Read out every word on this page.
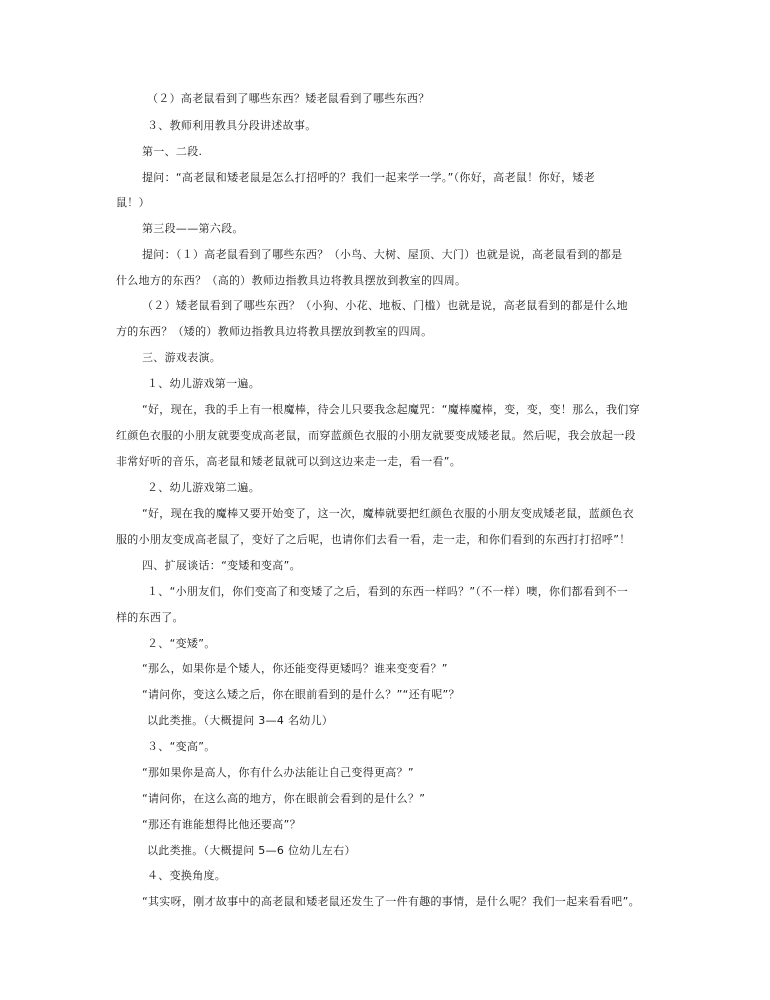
（２）高老鼠看到了哪些东西？矮老鼠看到了哪些东西？
３、教师利用教具分段讲述故事。
第一、二段.
提问：“高老鼠和矮老鼠是怎么打招呼的？我们一起来学一学。”（你好，高老鼠！你好，矮老
鼠！）
第三段——第六段。
提问：（１）高老鼠看到了哪些东西？（小鸟、大树、屋顶、大门）也就是说，高老鼠看到的都是
什么地方的东西？（高的）教师边指教具边将教具摆放到教室的四周。
（２）矮老鼠看到了哪些东西？（小狗、小花、地板、门槛）也就是说，高老鼠看到的都是什么地
方的东西？（矮的）教师边指教具边将教具摆放到教室的四周。
三、游戏表演。
１、幼儿游戏第一遍。
“好，现在，我的手上有一根魔棒，待会儿只要我念起魔咒：“魔棒魔棒，变，变，变！那么，我们穿
红颜色衣服的小朋友就要变成高老鼠，而穿蓝颜色衣服的小朋友就要变成矮老鼠。然后呢，我会放起一段
非常好听的音乐，高老鼠和矮老鼠就可以到这边来走一走，看一看”。
２、幼儿游戏第二遍。
“好，现在我的魔棒又要开始变了，这一次，魔棒就要把红颜色衣服的小朋友变成矮老鼠，蓝颜色衣
服的小朋友变成高老鼠了，变好了之后呢，也请你们去看一看，走一走，和你们看到的东西打打招呼”！
四、扩展谈话：“变矮和变高”。
１、“小朋友们，你们变高了和变矮了之后，看到的东西一样吗？”（不一样）噢，你们都看到不一
样的东西了。
２、“变矮”。
“那么，如果你是个矮人，你还能变得更矮吗？谁来变变看？”
“请问你，变这么矮之后，你在眼前看到的是什么？”“还有呢”？
以此类推。（大概提问 3—4 名幼儿）
３、“变高”。
“那如果你是高人，你有什么办法能让自己变得更高？”
“请问你，在这么高的地方，你在眼前会看到的是什么？”
“那还有谁能想得比他还要高”？
以此类推。（大概提问 5—6 位幼儿左右）
４、变换角度。
“其实呀，刚才故事中的高老鼠和矮老鼠还发生了一件有趣的事情，是什么呢？我们一起来看看吧”。
